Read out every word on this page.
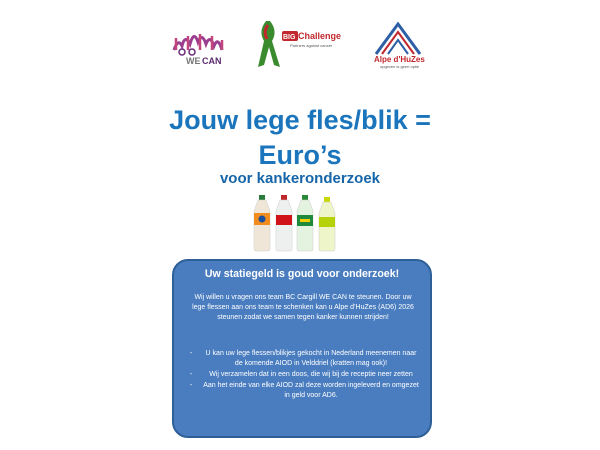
WE CAN
BIG Challenge
Partners against cancer
Alpe d'HuZes
opgeven is geen optie
Jouw lege fles/blik =
Euro’s
voor kankeronderzoek

Uw statiegeld is goud voor onderzoek!

Wij willen u vragen ons team BC Cargill WE CAN te steunen. Door uw lege flessen aan ons team te schenken kan u Alpe d’HuZes (AD6) 2026 steunen zodat we samen tegen kanker kunnen strijden!

- U kan uw lege flessen/blikjes gekocht in Nederland meenemen naar de komende AIOD in Velddriel (kratten mag ook)!
- Wij verzamelen dat in een doos, die wij bij de receptie neer zetten
- Aan het einde van elke AIOD zal deze worden ingeleverd en omgezet in geld voor AD6.
